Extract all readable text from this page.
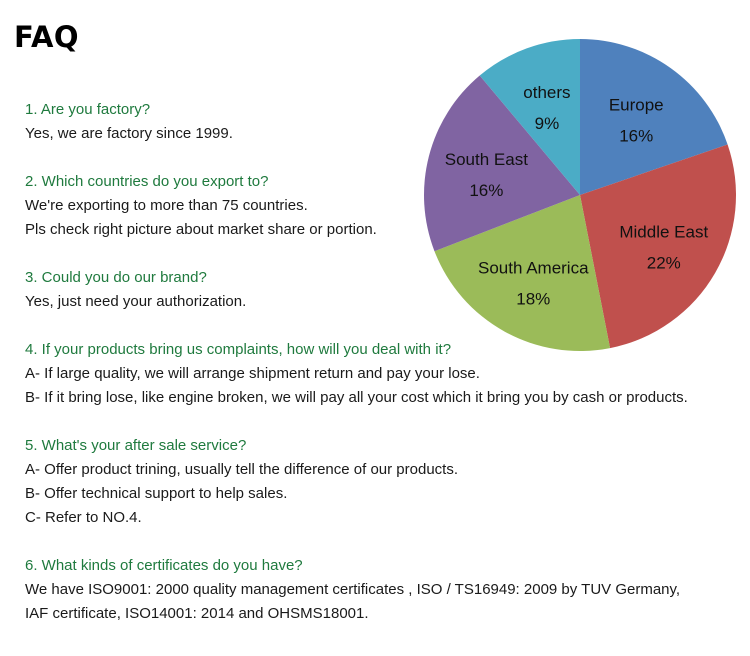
FAQ

1. Are you factory?

Yes, we are factory since 1999.

2. Which countries do you export to?

We're exporting to more than 75 countries.

Pls check right picture about market share or portion.

3. Could you do our brand?

Yes, just need your authorization.

4. If your products bring us complaints, how will you deal with it?

A- If large quality, we will arrange shipment return and pay your lose.

B- If it bring lose, like engine broken, we will pay all your cost which it bring you by cash or products.

5. What's your after sale service?

A- Offer product trining, usually tell the difference of our products.

B- Offer technical support to help sales.

C- Refer to NO.4.

6. What kinds of certificates do you have?

We have ISO9001: 2000 quality management certificates , ISO / TS16949: 2009 by TUV Germany,

IAF certificate, ISO14001: 2014 and OHSMS18001.

Europe
16%
Middle East
22%
South America
18%
South East
16%
others
9%
